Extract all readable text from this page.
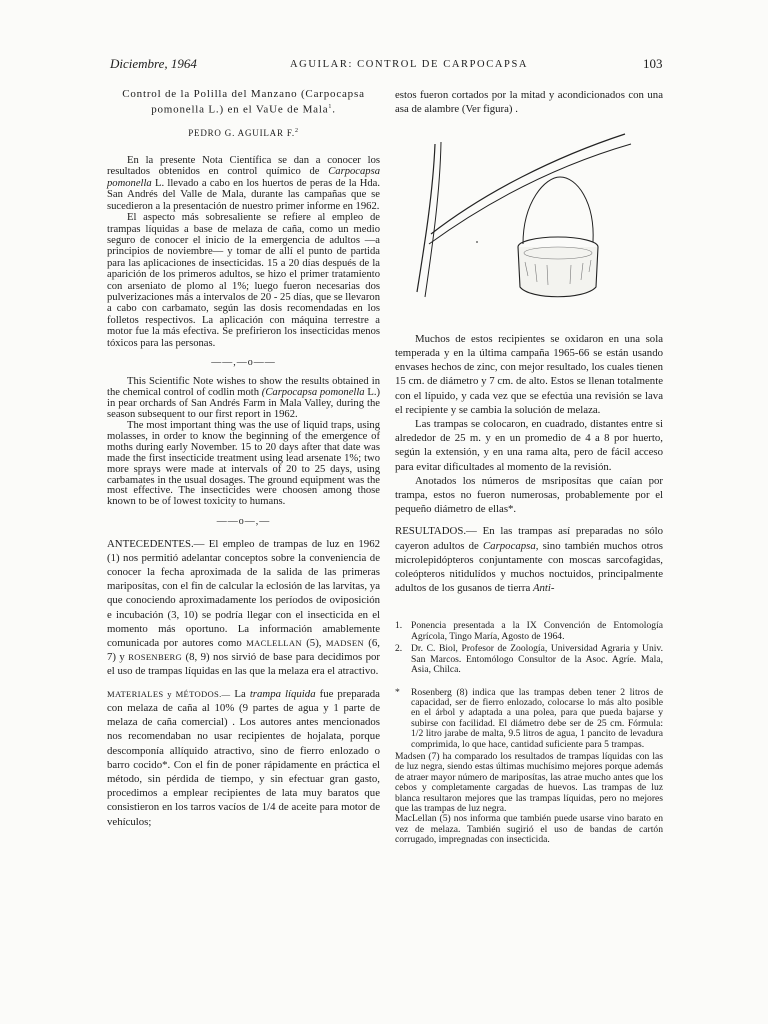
Diciembre, 1964	AGUILAR: CONTROL DE CARPOCAPSA	103
Control de la Polilla del Manzano (Carpocapsa
pomonella L.) en el VaUe de Mala$^1$.
PEDRO G. AGUILAR F.$^2$

En la presente Nota Científica se dan a conocer los resultados obtenidos en control químico de Carpocapsa pomonella L. llevado a cabo en los huertos de peras de la Hda. San Andrés del Valle de Mala, durante las campañas que se sucedieron a la presentación de nuestro primer informe en 1962.

El aspecto más sobresaliente se refiere al empleo de trampas líquidas a base de melaza de caña, como un medio seguro de conocer el inicio de la emergencia de adultos —a principios de noviembre— y tomar de allí el punto de partida para las aplicaciones de insecticidas. 15 a 20 días después de la aparición de los primeros adultos, se hizo el primer tratamiento con arseniato de plomo al 1%; luego fueron necesarias dos pulverizaciones más a intervalos de 20 - 25 días, que se llevaron a cabo con carbamato, según las dosis recomendadas en los folletos respectivos. La aplicación con máquina terrestre a motor fue la más efectiva. Se prefirieron los insecticidas menos tóxicos para las personas.

——,—o——

This Scientific Note wishes to show the results obtained in the chemical control of codlin moth (Carpocapsa pomonella L.) in pear orchards of San Andrés Farm in Mala Valley, during the season subsequent to our first report in 1962.

The most important thing was the use of liquid traps, using molasses, in order to know the beginning of the emergence of moths during early November. 15 to 20 days after that date was made the first insecticide treatment using lead arsenate 1%; two more sprays were made at intervals of 20 to 25 days, using carbamates in the usual dosages. The ground equipment was the most effective. The insecticides were choosen among those known to be of lowest toxicity to humans.

——o—,—

ANTECEDENTES.— El empleo de trampas de luz en 1962 (1) nos permitió adelantar conceptos sobre la conveniencia de conocer la fecha aproximada de la salida de las primeras mariposítas, con el fin de calcular la eclosión de las larvitas, ya que conociendo aproximadamente los períodos de oviposición e incubación (3, 10) se podría llegar con el insecticida en el momento más oportuno. La información amablemente comunicada por autores como MACLELLAN (5), MADSEN (6, 7) y ROSENBERG (8, 9) nos sirvió de base para decidimos por el uso de trampas líquidas en las que la melaza era el atractivo.

MATERIALES y MÉTODOS.— La trampa líquida fue preparada con melaza de caña al 10% (9 partes de agua y 1 parte de melaza de caña comercial) . Los autores antes mencionados nos recomendaban no usar recipientes de hojalata, porque descomponía allíquido atractivo, sino de fierro enlozado o barro cocido*. Con el fin de poner rápidamente en práctica el método, sin pérdida de tiempo, y sin efectuar gran gasto, procedimos a emplear recipientes de lata muy baratos que consistieron en los tarros vacíos de 1/4 de aceite para motor de vehículos;

estos fueron cortados por la mitad y acondicionados con una asa de alambre (Ver figura) .

Muchos de estos recipientes se oxidaron en una sola temperada y en la última campaña 1965-66 se están usando envases hechos de zinc, con mejor resultado, los cuales tienen 15 cm. de diámetro y 7 cm. de alto. Estos se llenan totalmente con el lípuido, y cada vez que se efectúa una revisión se lava el recipiente y se cambia la solución de melaza.

Las trampas se colocaron, en cuadrado, distantes entre si alrededor de 25 m. y en un promedio de 4 a 8 por huerto, según la extensión, y en una rama alta, pero de fácil acceso para evitar dificultades al momento de la revisión.

Anotados los números de msriposítas que caían por trampa, estos no fueron numerosas, probablemente por el pequeño diámetro de ellas*.

RESULTADOS.— En las trampas así preparadas no sólo cayeron adultos de Carpocapsa, sino también muchos otros microlepidópteros conjuntamente con moscas sarcofagidas, coleópteros nitidulídos y muchos noctuidos, principalmente adultos de los gusanos de tierra Anti-

1. Ponencia presentada a la IX Convención de Entomología Agrícola, Tingo María, Agosto de 1964.
2. Dr. C. Biol, Profesor de Zoología, Universidad Agraria y Univ. San Marcos. Entomólogo Consultor de la Asoc. Agríe. Mala, Asia, Chilca.
*	Rosenberg (8) indica que las trampas deben tener 2 litros de capacidad, ser de fierro enlozado, colocarse lo más alto posible en el árbol y adaptada a una polea, para que pueda bajarse y subirse con facilidad. El diámetro debe ser de 25 cm. Fórmula: 1/2 litro jarabe de malta, 9.5 litros de agua, 1 pancito de levadura comprimida, lo que hace, cantidad suficiente para 5 trampas.

Madsen (7) ha comparado los resultados de trampas líquidas con las de luz negra, siendo estas últimas muchísimo mejores porque además de atraer mayor número de mariposítas, las atrae mucho antes que los cebos y completamente cargadas de huevos. Las trampas de luz blanca resultaron mejores que las trampas líquidas, pero no mejores que las trampas de luz negra.

MacLellan (5) nos informa que también puede usarse vino barato en vez de melaza. También sugirió el uso de bandas de cartón corrugado, impregnadas con insecticida.
